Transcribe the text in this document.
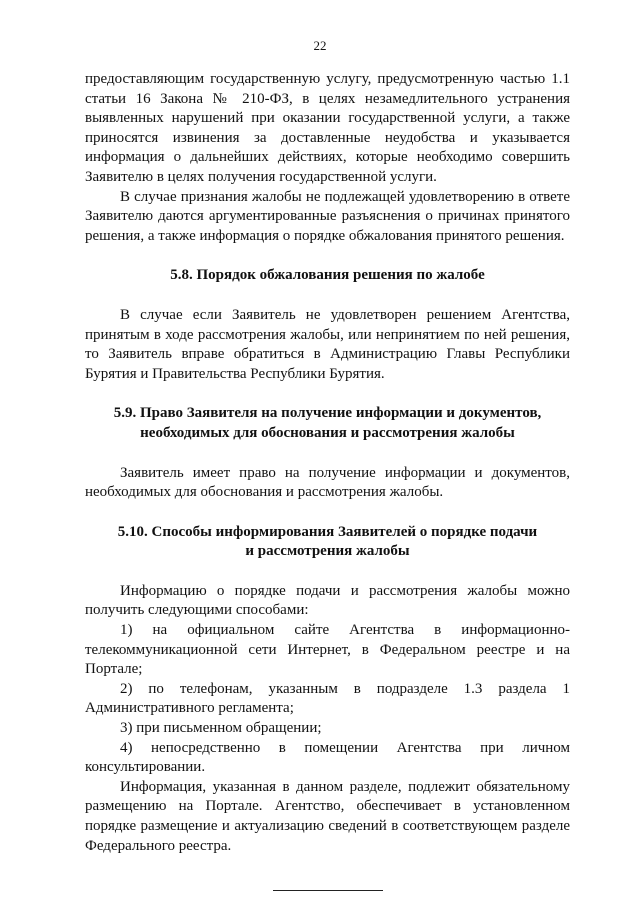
22

предоставляющим государственную услугу, предусмотренную частью 1.1 статьи 16 Закона № 210-ФЗ, в целях незамедлительного устранения выявленных нарушений при оказании государственной услуги, а также приносятся извинения за доставленные неудобства и указывается информация о дальнейших действиях, которые необходимо совершить Заявителю в целях получения государственной услуги.

В случае признания жалобы не подлежащей удовлетворению в ответе Заявителю даются аргументированные разъяснения о причинах принятого решения, а также информация о порядке обжалования принятого решения.

5.8. Порядок обжалования решения по жалобе

В случае если Заявитель не удовлетворен решением Агентства, принятым в ходе рассмотрения жалобы, или непринятием по ней решения, то Заявитель вправе обратиться в Администрацию Главы Республики Бурятия и Правительства Республики Бурятия.

5.9. Право Заявителя на получение информации и документов,
необходимых для обоснования и рассмотрения жалобы

Заявитель имеет право на получение информации и документов, необходимых для обоснования и рассмотрения жалобы.

5.10. Способы информирования Заявителей о порядке подачи
и рассмотрения жалобы

Информацию о порядке подачи и рассмотрения жалобы можно получить следующими способами:

1) на официальном сайте Агентства в информационно-телекоммуникационной сети Интернет, в Федеральном реестре и на Портале;

2) по телефонам, указанным в подразделе 1.3 раздела 1 Административного регламента;

3) при письменном обращении;

4) непосредственно в помещении Агентства при личном консультировании.

Информация, указанная в данном разделе, подлежит обязательному размещению на Портале. Агентство, обеспечивает в установленном порядке размещение и актуализацию сведений в соответствующем разделе Федерального реестра.
